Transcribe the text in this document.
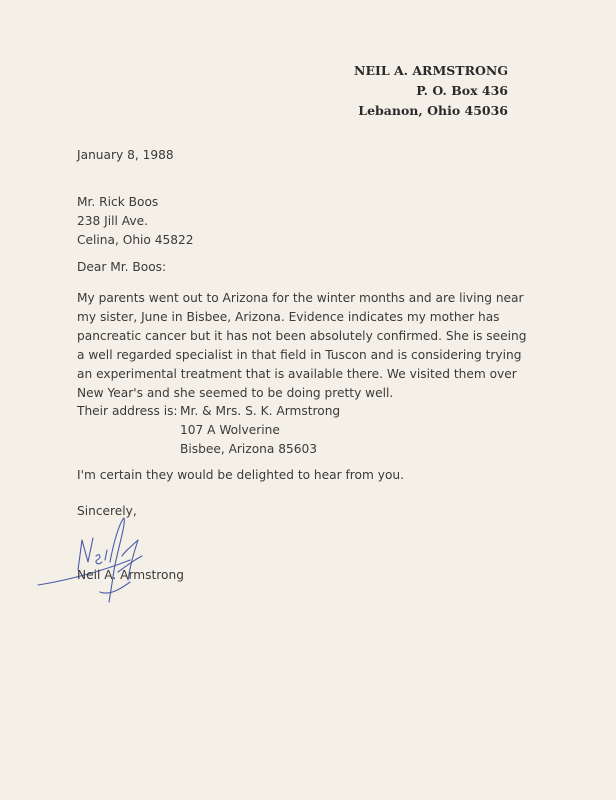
NEIL A. ARMSTRONG
P. O. Box 436
Lebanon, Ohio 45036
January 8, 1988
Mr. Rick Boos
238 Jill Ave.
Celina, Ohio 45822
Dear Mr. Boos:
My parents went out to Arizona for the winter months and are living near
my sister, June in Bisbee, Arizona. Evidence indicates my mother has
pancreatic cancer but it has not been absolutely confirmed. She is seeing
a well regarded specialist in that field in Tuscon and is considering trying
an experimental treatment that is available there. We visited them over
New Year's and she seemed to be doing pretty well.
Their address is: Mr. & Mrs. S. K. Armstrong
107 A Wolverine
Bisbee, Arizona 85603
I'm certain they would be delighted to hear from you.
Sincerely,
Neil A. Armstrong
